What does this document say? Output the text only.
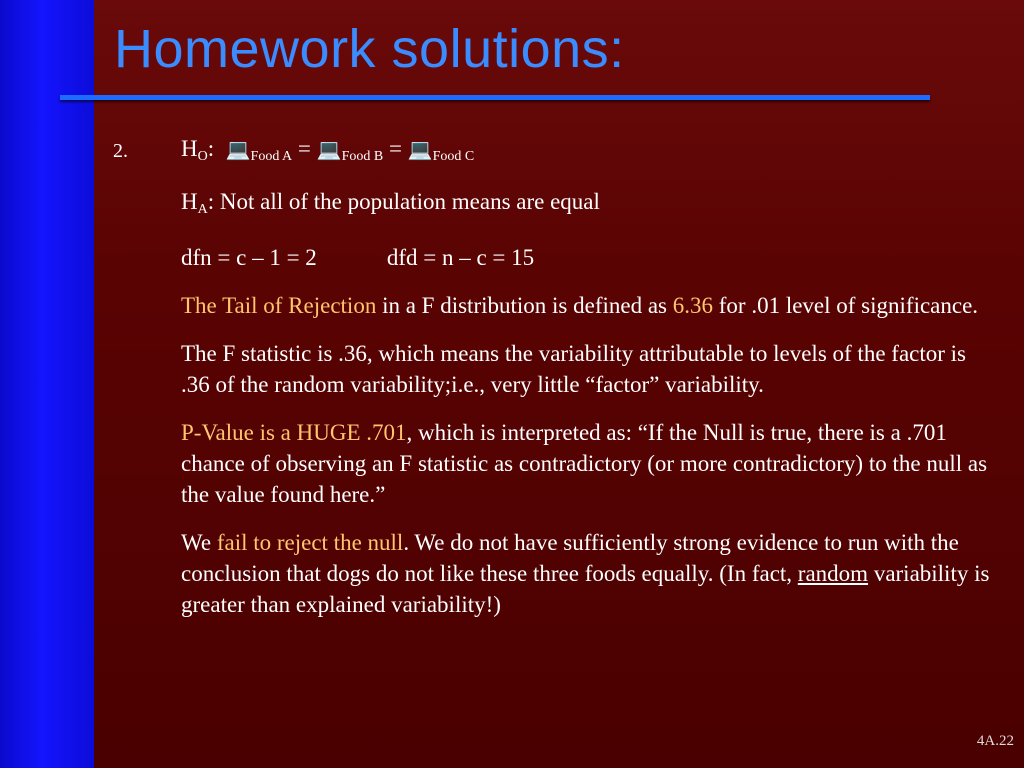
Homework solutions:
2. $H_O$: $💻_{Food A}$ = $💻_{Food B}$ = $💻_{Food C}$

$H_A$: Not all of the population means are equal

dfn = c – 1 = 2	dfd = n – c = 15

The Tail of Rejection in a F distribution is defined as 6.36 for .01 level of significance.

The F statistic is .36, which means the variability attributable to levels of the factor is .36 of the random variability;i.e., very little “factor” variability.

P-Value is a HUGE .701, which is interpreted as: “If the Null is true, there is a .701 chance of observing an F statistic as contradictory (or more contradictory) to the null as the value found here.”

We fail to reject the null. We do not have sufficiently strong evidence to run with the conclusion that dogs do not like these three foods equally. (In fact, random variability is greater than explained variability!)

4A.22
